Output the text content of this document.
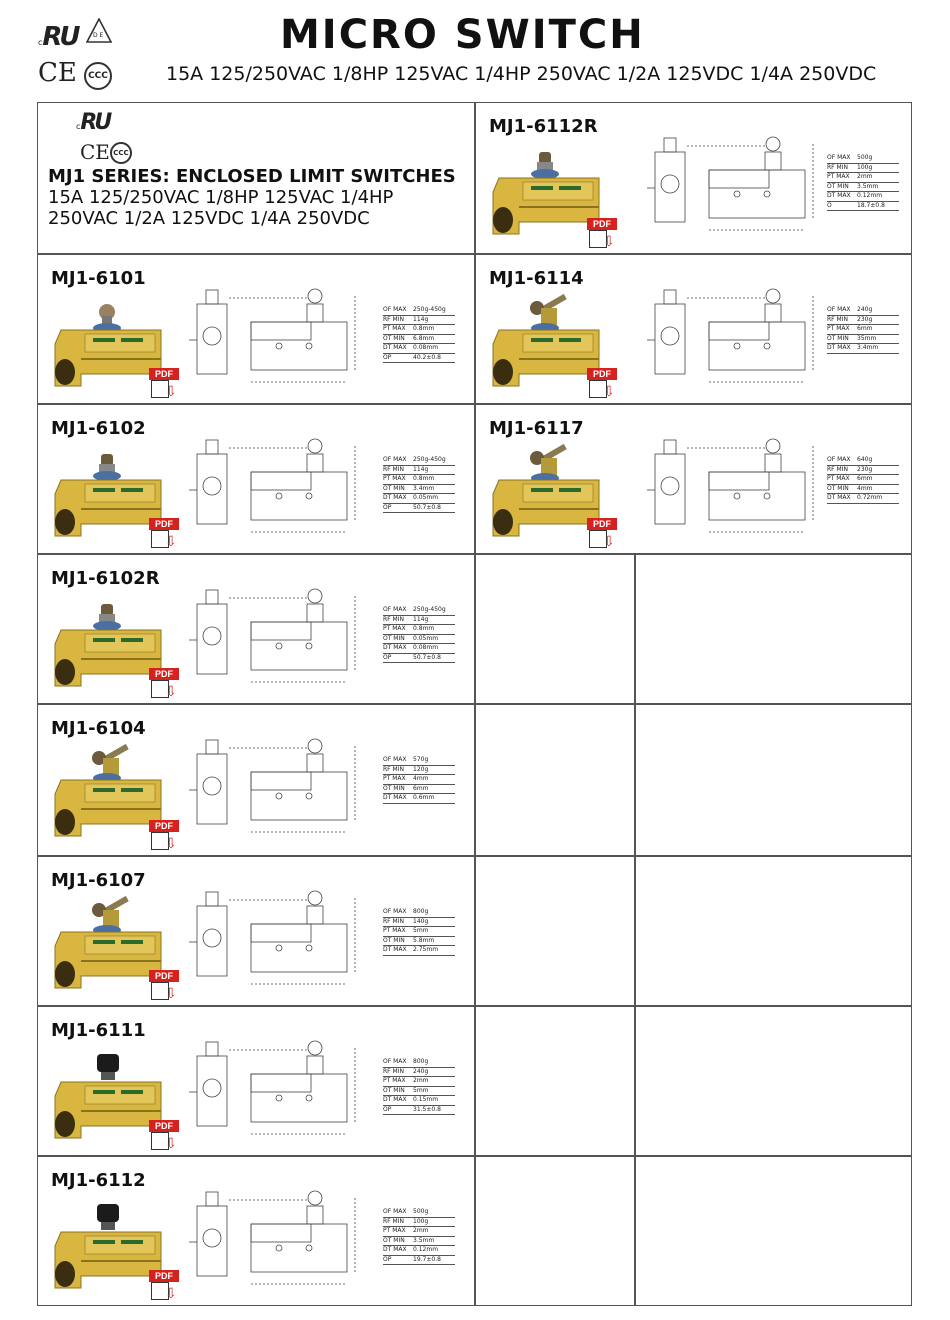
cRU	D E
CE	CCC
MICRO SWITCH
15A 125/250VAC 1/8HP 125VAC 1/4HP 250VAC 1/2A 125VDC 1/4A 250VDC
cRU
CE CCC
MJ1 SERIES: ENCLOSED LIMIT SWITCHES
15A 125/250VAC 1/8HP 125VAC 1/4HP
250VAC 1/2A 125VDC 1/4A 250VDC
MJ1-6112R
PDF
⇩
OF MAX	500g
RF MIN	100g
PT MAX	2mm
OT MIN	3.5mm
DT MAX	0.12mm
O	18.7±0.8
MJ1-6101
PDF
⇩
OF MAX	250g-450g
RF MIN	114g
PT MAX	0.8mm
OT MIN	6.8mm
DT MAX	0.08mm
OP	40.2±0.8
MJ1-6114
PDF
⇩
OF MAX	240g
RF MIN	230g
PT MAX	6mm
OT MIN	35mm
DT MAX	3.4mm
MJ1-6102
PDF
⇩
OF MAX	250g-450g
RF MIN	114g
PT MAX	0.8mm
OT MIN	3.4mm
DT MAX	0.05mm
OP	50.7±0.8
MJ1-6117
PDF
⇩
OF MAX	640g
RF MIN	230g
PT MAX	6mm
OT MIN	4mm
DT MAX	0.72mm
MJ1-6102R
PDF
⇩
OF MAX	250g-450g
RF MIN	114g
PT MAX	0.8mm
OT MIN	0.05mm
DT MAX	0.08mm
OP	50.7±0.8
MJ1-6104
PDF
⇩
OF MAX	570g
RF MIN	120g
PT MAX	4mm
OT MIN	6mm
DT MAX	0.6mm
MJ1-6107
PDF
⇩
OF MAX	800g
RF MIN	140g
PT MAX	5mm
OT MIN	5.8mm
DT MAX	2.75mm
MJ1-6111
PDF
⇩
OF MAX	800g
RF MIN	240g
PT MAX	2mm
OT MIN	5mm
DT MAX	0.15mm
OP	31.5±0.8
MJ1-6112
PDF
⇩
OF MAX	500g
RF MIN	100g
PT MAX	2mm
OT MIN	3.5mm
DT MAX	0.12mm
OP	19.7±0.8
